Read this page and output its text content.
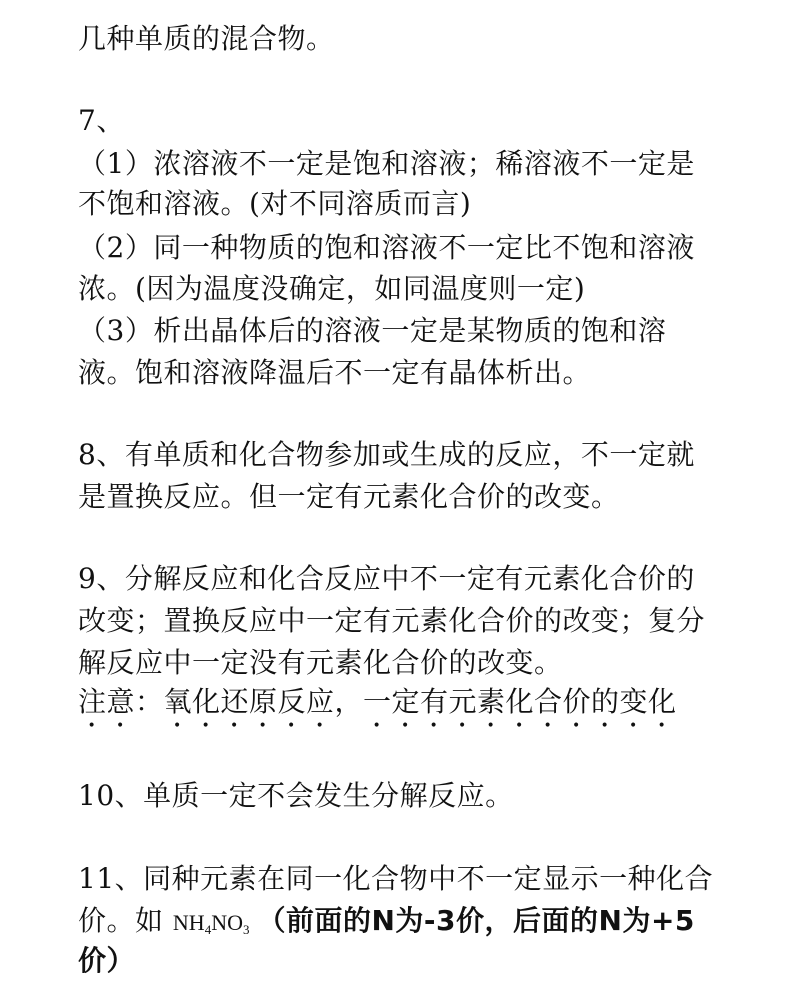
几种单质的混合物。
7、
（1）浓溶液不一定是饱和溶液；稀溶液不一定是
不饱和溶液。(对不同溶质而言)
（2）同一种物质的饱和溶液不一定比不饱和溶液
浓。(因为温度没确定，如同温度则一定)
（3）析出晶体后的溶液一定是某物质的饱和溶
液。饱和溶液降温后不一定有晶体析出。
8、有单质和化合物参加或生成的反应，不一定就
是置换反应。但一定有元素化合价的改变。
9、分解反应和化合反应中不一定有元素化合价的
改变；置换反应中一定有元素化合价的改变；复分
解反应中一定没有元素化合价的改变。
注意：氧化还原反应，一定有元素化合价的变化
10、单质一定不会发生分解反应。
11、同种元素在同一化合物中不一定显示一种化合
价。如 $NH_4NO_3$ （前面的N为-3价，后面的N为+5
价）
